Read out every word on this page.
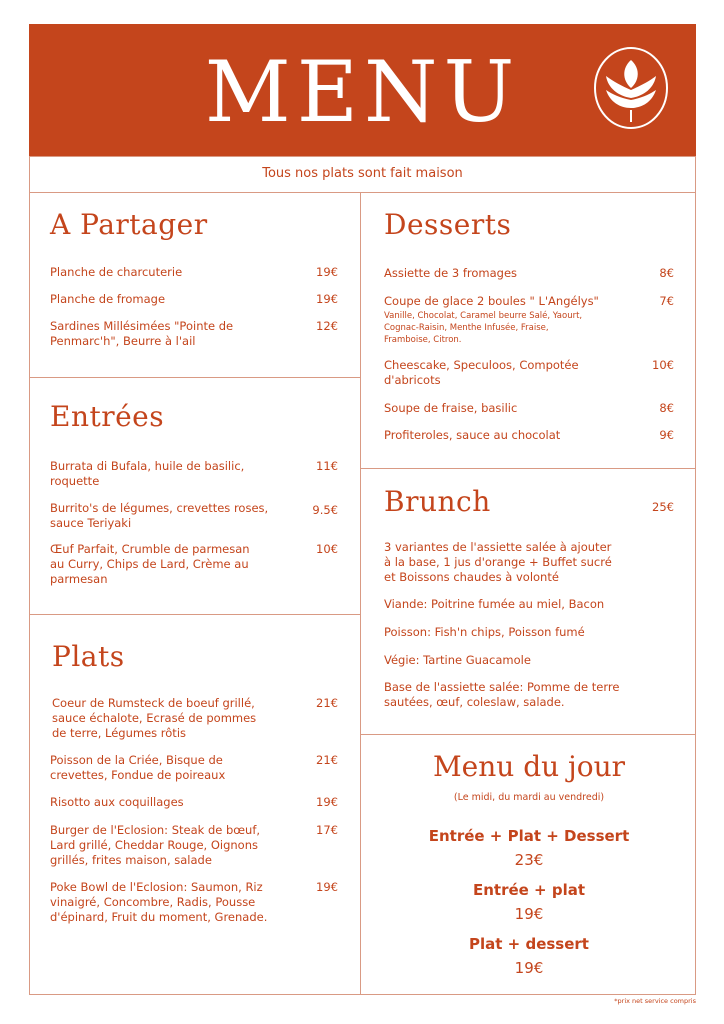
MENU
Tous nos plats sont fait maison
A Partager
Planche de charcuterie	19€
Planche de fromage	19€
Sardines Millésimées "Pointe de
Penmarc'h", Beurre à l'ail
12€
Entrées
Burrata di Bufala, huile de basilic,
roquette
11€
Burrito's de légumes, crevettes roses,
sauce Teriyaki
9.5€
Œuf Parfait, Crumble de parmesan
au Curry, Chips de Lard, Crème au
parmesan
10€
Plats
Coeur de Rumsteck de boeuf grillé,
sauce échalote, Ecrasé de pommes
de terre, Légumes rôtis
21€
Poisson de la Criée, Bisque de
crevettes, Fondue de poireaux
21€
Risotto aux coquillages	19€
Burger de l'Eclosion: Steak de bœuf,
Lard grillé, Cheddar Rouge, Oignons
grillés, frites maison, salade
17€
Poke Bowl de l'Eclosion: Saumon, Riz
vinaigré, Concombre, Radis, Pousse
d'épinard, Fruit du moment, Grenade.
19€
Desserts
Assiette de 3 fromages	8€
Coupe de glace 2 boules " L'Angélys"
Vanille, Chocolat, Caramel beurre Salé, Yaourt,
Cognac-Raisin, Menthe Infusée, Fraise,
Framboise, Citron.
7€
Cheescake, Speculoos, Compotée
d'abricots
10€
Soupe de fraise, basilic	8€
Profiteroles, sauce au chocolat	9€
Brunch	25€
3 variantes de l'assiette salée à ajouter
à la base, 1 jus d'orange + Buffet sucré
et Boissons chaudes à volonté
Viande: Poitrine fumée au miel, Bacon
Poisson: Fish'n chips, Poisson fumé
Végie: Tartine Guacamole
Base de l'assiette salée: Pomme de terre
sautées, œuf, coleslaw, salade.
Menu du jour
(Le midi, du mardi au vendredi)
Entrée + Plat + Dessert
23€
Entrée + plat
19€
Plat + dessert
19€
*prix net service compris
